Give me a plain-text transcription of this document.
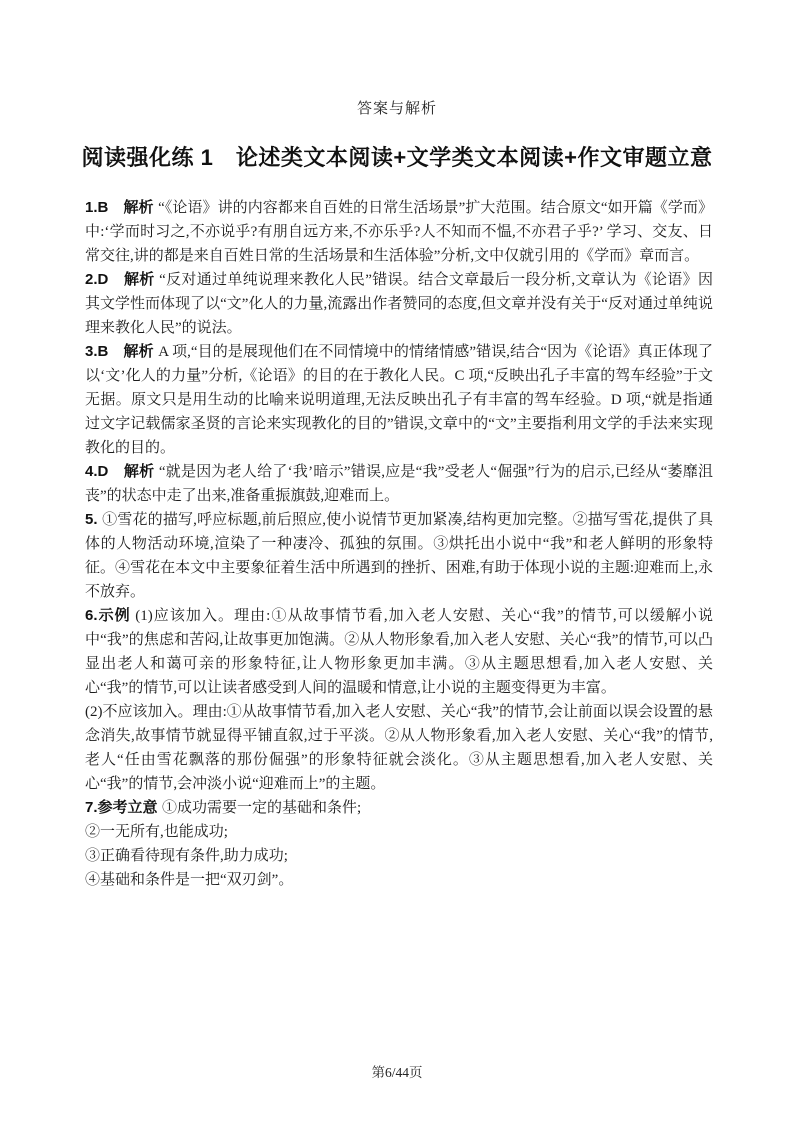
答案与解析
阅读强化练 1　论述类文本阅读+文学类文本阅读+作文审题立意

1.B　解析 “《论语》讲的内容都来自百姓的日常生活场景”扩大范围。结合原文“如开篇《学而》中:‘学而时习之,不亦说乎?有朋自远方来,不亦乐乎?人不知而不愠,不亦君子乎?’ 学习、交友、日常交往,讲的都是来自百姓日常的生活场景和生活体验”分析,文中仅就引用的《学而》章而言。

2.D　解析 “反对通过单纯说理来教化人民”错误。结合文章最后一段分析,文章认为《论语》因其文学性而体现了以“文”化人的力量,流露出作者赞同的态度,但文章并没有关于“反对通过单纯说理来教化人民”的说法。

3.B　解析 A 项,“目的是展现他们在不同情境中的情绪情感”错误,结合“因为《论语》真正体现了以‘文’化人的力量”分析,《论语》的目的在于教化人民。C 项,“反映出孔子丰富的驾车经验”于文无据。原文只是用生动的比喻来说明道理,无法反映出孔子有丰富的驾车经验。D 项,“就是指通过文字记载儒家圣贤的言论来实现教化的目的”错误,文章中的“文”主要指利用文学的手法来实现教化的目的。

4.D　解析 “就是因为老人给了‘我’暗示”错误,应是“我”受老人“倔强”行为的启示,已经从“萎靡沮丧”的状态中走了出来,准备重振旗鼓,迎难而上。

5. ①雪花的描写,呼应标题,前后照应,使小说情节更加紧凑,结构更加完整。②描写雪花,提供了具体的人物活动环境,渲染了一种凄冷、孤独的氛围。③烘托出小说中“我”和老人鲜明的形象特征。④雪花在本文中主要象征着生活中所遇到的挫折、困难,有助于体现小说的主题:迎难而上,永不放弃。

6.示例 (1)应该加入。理由:①从故事情节看,加入老人安慰、关心“我”的情节,可以缓解小说中“我”的焦虑和苦闷,让故事更加饱满。②从人物形象看,加入老人安慰、关心“我”的情节,可以凸显出老人和蔼可亲的形象特征,让人物形象更加丰满。③从主题思想看,加入老人安慰、关心“我”的情节,可以让读者感受到人间的温暖和情意,让小说的主题变得更为丰富。

(2)不应该加入。理由:①从故事情节看,加入老人安慰、关心“我”的情节,会让前面以误会设置的悬念消失,故事情节就显得平铺直叙,过于平淡。②从人物形象看,加入老人安慰、关心“我”的情节,老人“任由雪花飘落的那份倔强”的形象特征就会淡化。③从主题思想看,加入老人安慰、关心“我”的情节,会冲淡小说“迎难而上”的主题。

7.参考立意 ①成功需要一定的基础和条件;

②一无所有,也能成功;

③正确看待现有条件,助力成功;

④基础和条件是一把“双刃剑”。

第6/44页
